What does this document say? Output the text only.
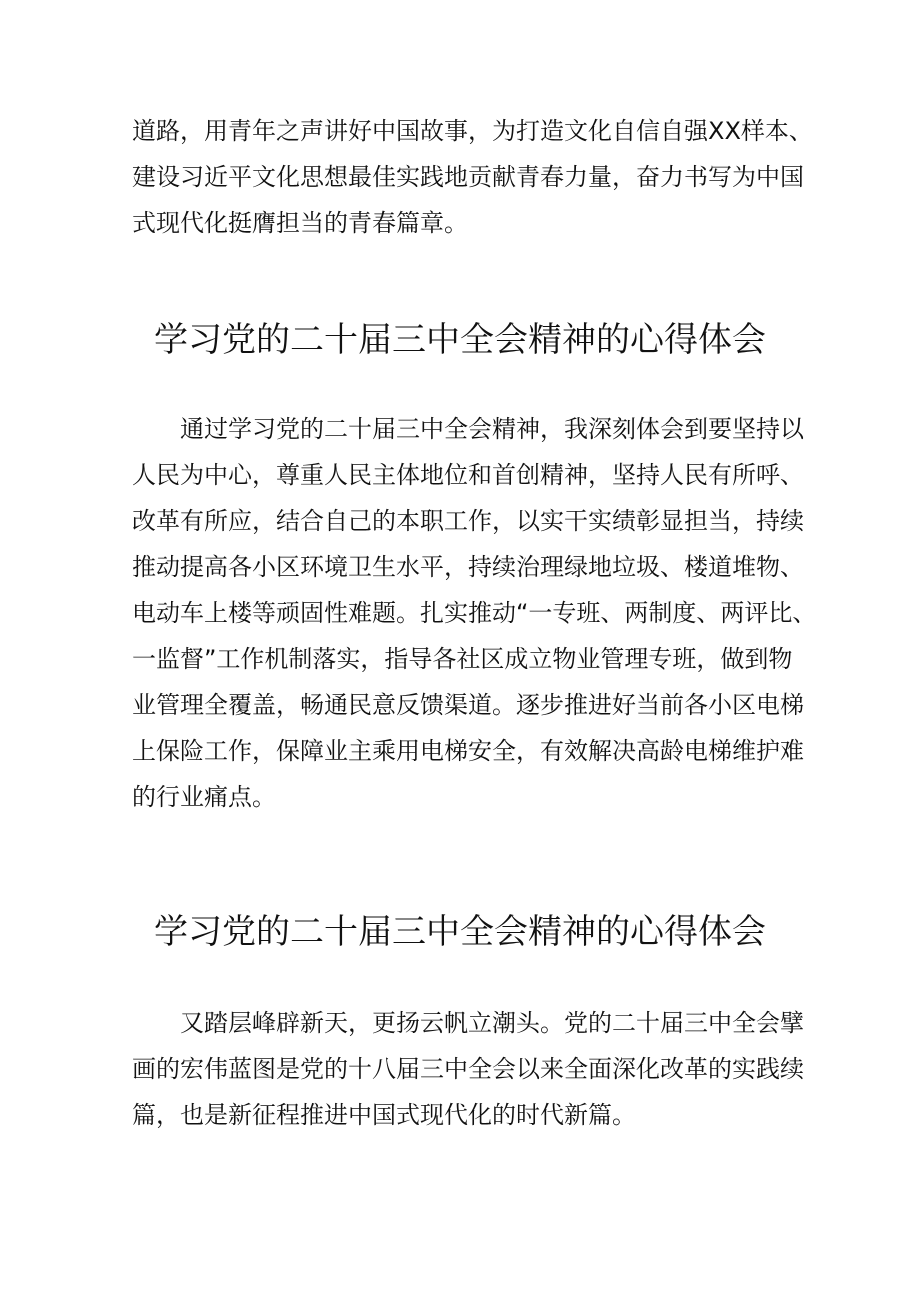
道路，用青年之声讲好中国故事，为打造文化自信自强XX样本、
建设习近平文化思想最佳实践地贡献青春力量，奋力书写为中国
式现代化挺膺担当的青春篇章。
学习党的二十届三中全会精神的心得体会
通过学习党的二十届三中全会精神，我深刻体会到要坚持以
人民为中心，尊重人民主体地位和首创精神，坚持人民有所呼、
改革有所应，结合自己的本职工作，以实干实绩彰显担当，持续
推动提高各小区环境卫生水平，持续治理绿地垃圾、楼道堆物、
电动车上楼等顽固性难题。扎实推动“一专班、两制度、两评比、
一监督”工作机制落实，指导各社区成立物业管理专班，做到物
业管理全覆盖，畅通民意反馈渠道。逐步推进好当前各小区电梯
上保险工作，保障业主乘用电梯安全，有效解决高龄电梯维护难
的行业痛点。
学习党的二十届三中全会精神的心得体会
又踏层峰辟新天，更扬云帆立潮头。党的二十届三中全会擘
画的宏伟蓝图是党的十八届三中全会以来全面深化改革的实践续
篇，也是新征程推进中国式现代化的时代新篇。
